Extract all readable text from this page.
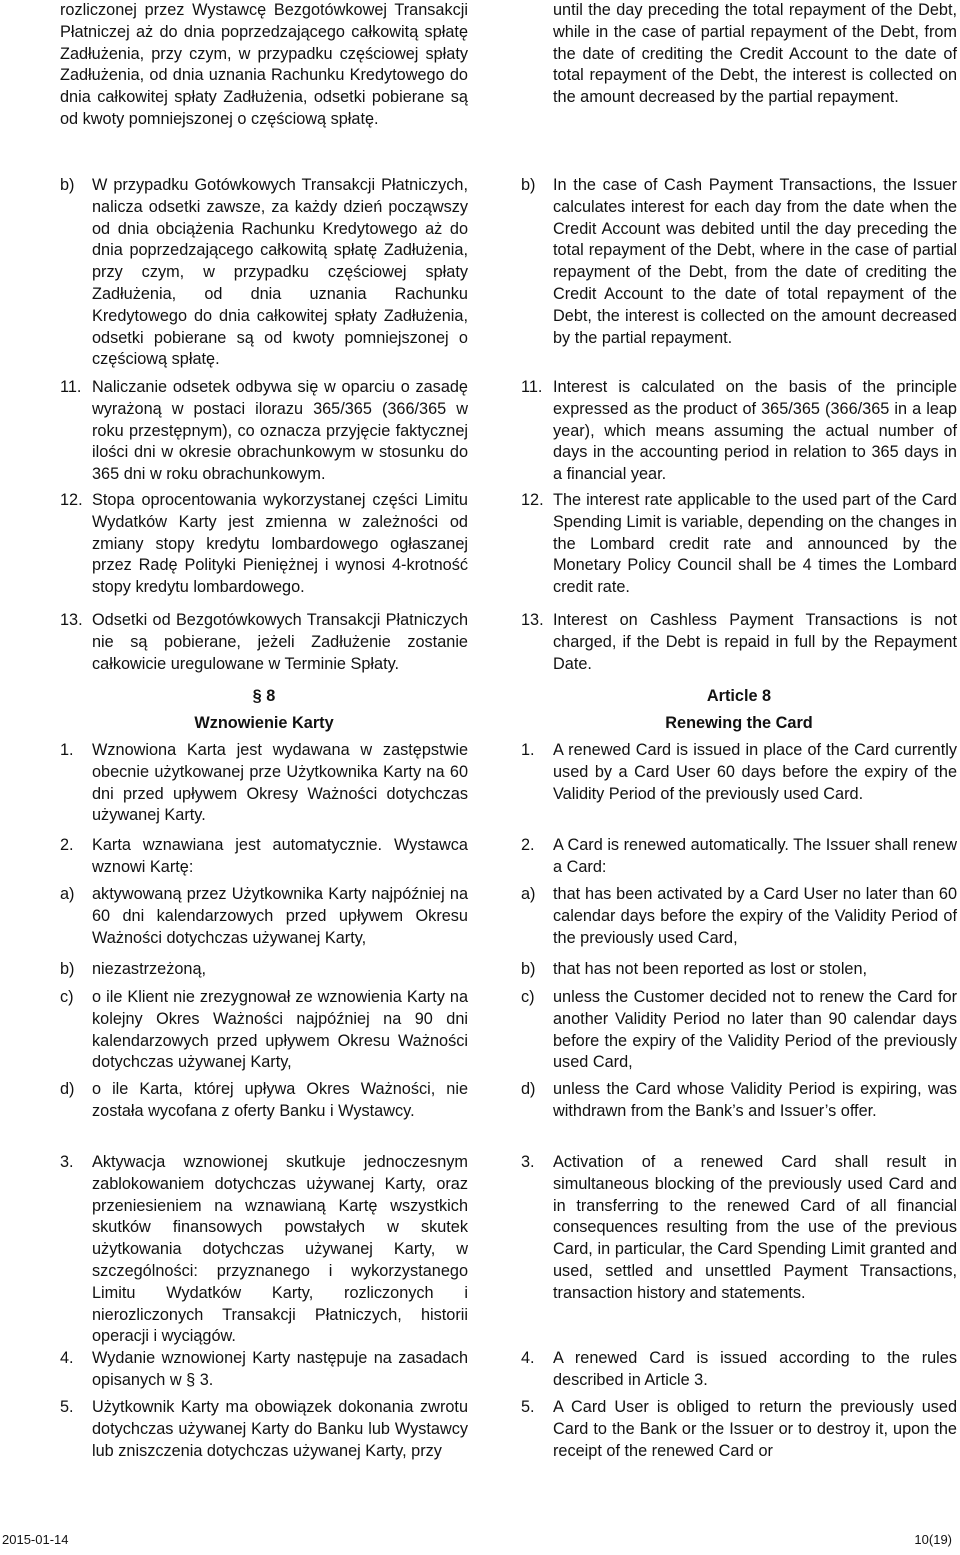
rozliczonej przez Wystawcę Bezgotówkowej Transakcji Płatniczej aż do dnia poprzedzającego całkowitą spłatę Zadłużenia, przy czym, w przypadku częściowej spłaty Zadłużenia, od dnia uznania Rachunku Kredytowego do dnia całkowitej spłaty Zadłużenia, odsetki pobierane są od kwoty pomniejszonej o częściową spłatę.
b) W przypadku Gotówkowych Transakcji Płatniczych, nalicza odsetki zawsze, za każdy dzień począwszy od dnia obciążenia Rachunku Kredytowego aż do dnia poprzedzającego całkowitą spłatę Zadłużenia, przy czym, w przypadku częściowej spłaty Zadłużenia, od dnia uznania Rachunku Kredytowego do dnia całkowitej spłaty Zadłużenia, odsetki pobierane są od kwoty pomniejszonej o częściową spłatę.
11. Naliczanie odsetek odbywa się w oparciu o zasadę wyrażoną w postaci ilorazu 365/365 (366/365 w roku przestępnym), co oznacza przyjęcie faktycznej ilości dni w okresie obrachunkowym w stosunku do 365 dni w roku obrachunkowym.
12. Stopa oprocentowania wykorzystanej części Limitu Wydatków Karty jest zmienna w zależności od zmiany stopy kredytu lombardowego ogłaszanej przez Radę Polityki Pieniężnej i wynosi 4-krotność stopy kredytu lombardowego.
13. Odsetki od Bezgotówkowych Transakcji Płatniczych nie są pobierane, jeżeli Zadłużenie zostanie całkowicie uregulowane w Terminie Spłaty.
§ 8
Wznowienie Karty
1. Wznowiona Karta jest wydawana w zastępstwie obecnie użytkowanej prze Użytkownika Karty na 60 dni przed upływem Okresy Ważności dotychczas używanej Karty.
2. Karta wznawiana jest automatycznie. Wystawca wznowi Kartę:
a) aktywowaną przez Użytkownika Karty najpóźniej na 60 dni kalendarzowych przed upływem Okresu Ważności dotychczas używanej Karty,
b) niezastrzeżoną,
c) o ile Klient nie zrezygnował ze wznowienia Karty na kolejny Okres Ważności najpóźniej na 90 dni kalendarzowych przed upływem Okresu Ważności dotychczas używanej Karty,
d) o ile Karta, której upływa Okres Ważności, nie została wycofana z oferty Banku i Wystawcy.
3. Aktywacja wznowionej skutkuje jednoczesnym zablokowaniem dotychczas używanej Karty, oraz przeniesieniem na wznawianą Kartę wszystkich skutków finansowych powstałych w skutek użytkowania dotychczas używanej Karty, w szczególności: przyznanego i wykorzystanego Limitu Wydatków Karty, rozliczonych i nierozliczonych Transakcji Płatniczych, historii operacji i wyciągów.
4. Wydanie wznowionej Karty następuje na zasadach opisanych w § 3.
5. Użytkownik Karty ma obowiązek dokonania zwrotu dotychczas używanej Karty do Banku lub Wystawcy lub zniszczenia dotychczas używanej Karty, przy
until the day preceding the total repayment of the Debt, while in the case of partial repayment of the Debt, from the date of crediting the Credit Account to the date of total repayment of the Debt, the interest is collected on the amount decreased by the partial repayment.
b) In the case of Cash Payment Transactions, the Issuer calculates interest for each day from the date when the Credit Account was debited until the day preceding the total repayment of the Debt, where in the case of partial repayment of the Debt, from the date of crediting the Credit Account to the date of total repayment of the Debt, the interest is collected on the amount decreased by the partial repayment.
11. Interest is calculated on the basis of the principle expressed as the product of 365/365 (366/365 in a leap year), which means assuming the actual number of days in the accounting period in relation to 365 days in a financial year.
12. The interest rate applicable to the used part of the Card Spending Limit is variable, depending on the changes in the Lombard credit rate and announced by the Monetary Policy Council shall be 4 times the Lombard credit rate.
13. Interest on Cashless Payment Transactions is not charged, if the Debt is repaid in full by the Repayment Date.
Article 8
Renewing the Card
1. A renewed Card is issued in place of the Card currently used by a Card User 60 days before the expiry of the Validity Period of the previously used Card.
2. A Card is renewed automatically. The Issuer shall renew a Card:
a) that has been activated by a Card User no later than 60 calendar days before the expiry of the Validity Period of the previously used Card,
b) that has not been reported as lost or stolen,
c) unless the Customer decided not to renew the Card for another Validity Period no later than 90 calendar days before the expiry of the Validity Period of the previously used Card,
d) unless the Card whose Validity Period is expiring, was withdrawn from the Bank’s and Issuer’s offer.
3. Activation of a renewed Card shall result in simultaneous blocking of the previously used Card and in transferring to the renewed Card of all financial consequences resulting from the use of the previous Card, in particular, the Card Spending Limit granted and used, settled and unsettled Payment Transactions, transaction history and statements.
4. A renewed Card is issued according to the rules described in Article 3.
5. A Card User is obliged to return the previously used Card to the Bank or the Issuer or to destroy it, upon the receipt of the renewed Card or
2015-01-14	10(19)
